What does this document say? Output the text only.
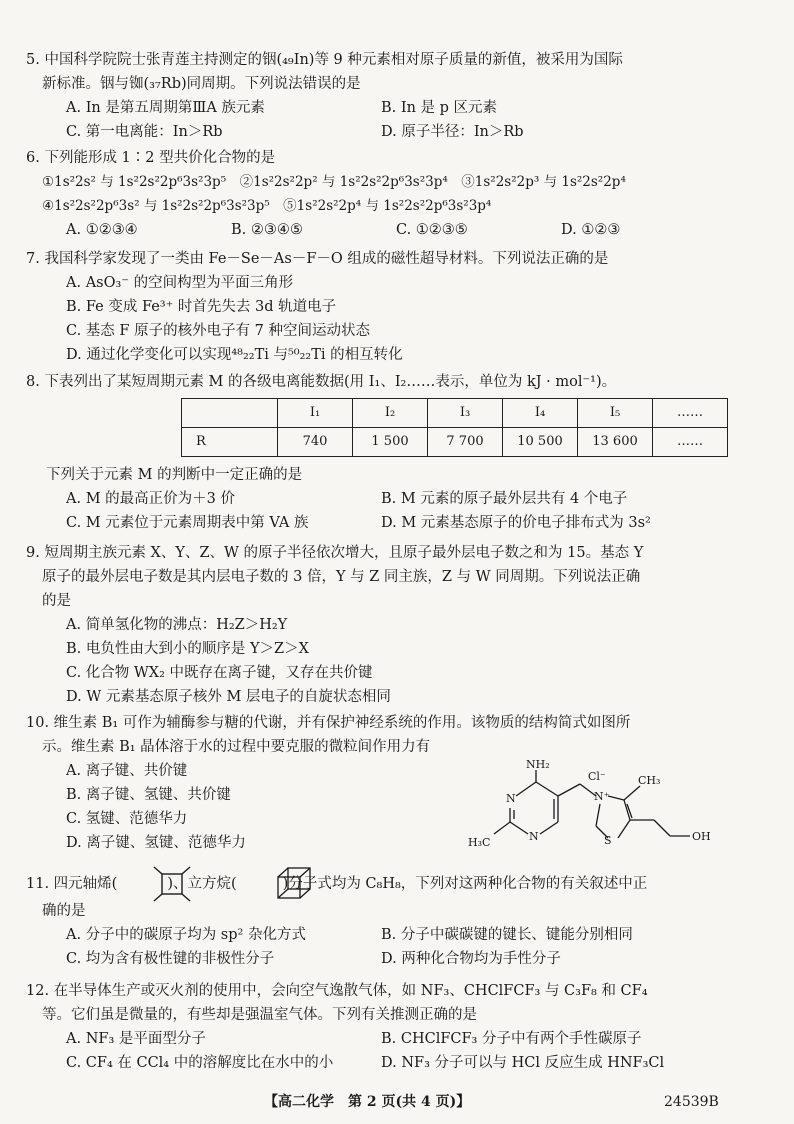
5. 中国科学院院士张青莲主持测定的铟(₄₉In)等 9 种元素相对原子质量的新值，被采用为国际
新标准。铟与铷(₃₇Rb)同周期。下列说法错误的是
A. In 是第五周期第ⅢA 族元素	B. In 是 p 区元素
C. 第一电离能：In＞Rb	D. 原子半径：In＞Rb
6. 下列能形成 1∶2 型共价化合物的是
①1s²2s² 与 1s²2s²2p⁶3s²3p⁵　②1s²2s²2p² 与 1s²2s²2p⁶3s²3p⁴　③1s²2s²2p³ 与 1s²2s²2p⁴
④1s²2s²2p⁶3s² 与 1s²2s²2p⁶3s²3p⁵　⑤1s²2s²2p⁴ 与 1s²2s²2p⁶3s²3p⁴
A. ①②③④	B. ②③④⑤	C. ①②③⑤	D. ①②③
7. 我国科学家发现了一类由 Fe－Se－As－F－O 组成的磁性超导材料。下列说法正确的是
A. AsO₃⁻ 的空间构型为平面三角形
B. Fe 变成 Fe³⁺ 时首先失去 3d 轨道电子
C. 基态 F 原子的核外电子有 7 种空间运动状态
D. 通过化学变化可以实现⁴⁸₂₂Ti 与⁵⁰₂₂Ti 的相互转化
8. 下表列出了某短周期元素 M 的各级电离能数据(用 I₁、I₂……表示，单位为 kJ · mol⁻¹)。
	I₁	I₂	I₃	I₄	I₅	……
R	740	1 500	7 700	10 500	13 600	……
下列关于元素 M 的判断中一定正确的是
A. M 的最高正价为＋3 价	B. M 元素的原子最外层共有 4 个电子
C. M 元素位于元素周期表中第 VA 族	D. M 元素基态原子的价电子排布式为 3s²
9. 短周期主族元素 X、Y、Z、W 的原子半径依次增大，且原子最外层电子数之和为 15。基态 Y
原子的最外层电子数是其内层电子数的 3 倍，Y 与 Z 同主族，Z 与 W 同周期。下列说法正确
的是
A. 简单氢化物的沸点：H₂Z＞H₂Y
B. 电负性由大到小的顺序是 Y＞Z＞X
C. 化合物 WX₂ 中既存在离子键，又存在共价键
D. W 元素基态原子核外 M 层电子的自旋状态相同
10. 维生素 B₁ 可作为辅酶参与糖的代谢，并有保护神经系统的作用。该物质的结构简式如图所
示。维生素 B₁ 晶体溶于水的过程中要克服的微粒间作用力有
A. 离子键、共价键
B. 离子键、氢键、共价键
C. 氢键、范德华力
D. 离子键、氢键、范德华力
NH₂
N
N
N⁺
Cl⁻	CH₃
S	OH
H₃C
11. 四元轴烯(	)、立方烷(	)分子式均为 C₈H₈，下列对这两种化合物的有关叙述中正
确的是
A. 分子中的碳原子均为 sp² 杂化方式	B. 分子中碳碳键的键长、键能分别相同
C. 均为含有极性键的非极性分子	D. 两种化合物均为手性分子
12. 在半导体生产或灭火剂的使用中，会向空气逸散气体，如 NF₃、CHClFCF₃ 与 C₃F₈ 和 CF₄
等。它们虽是微量的，有些却是强温室气体。下列有关推测正确的是
A. NF₃ 是平面型分子	B. CHClFCF₃ 分子中有两个手性碳原子
C. CF₄ 在 CCl₄ 中的溶解度比在水中的小	D. NF₃ 分子可以与 HCl 反应生成 HNF₃Cl
【高二化学　第 2 页(共 4 页)】	24539B
